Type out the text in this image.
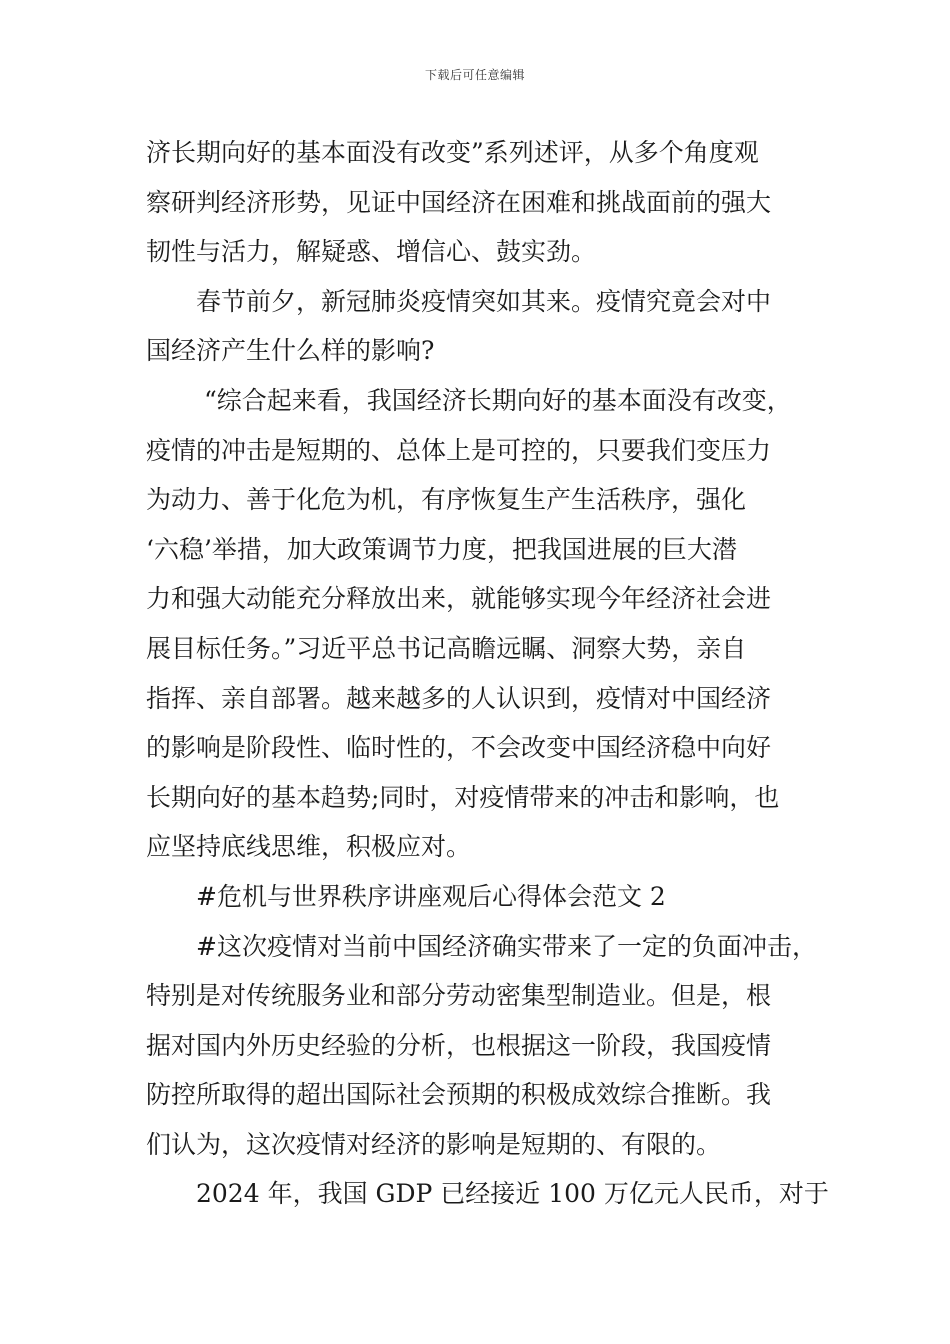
下载后可任意编辑
济长期向好的基本面没有改变”系列述评，从多个角度观
察研判经济形势，见证中国经济在困难和挑战面前的强大
韧性与活力，解疑惑、增信心、鼓实劲。
春节前夕，新冠肺炎疫情突如其来。疫情究竟会对中
国经济产生什么样的影响?
“综合起来看，我国经济长期向好的基本面没有改变，
疫情的冲击是短期的、总体上是可控的，只要我们变压力
为动力、善于化危为机，有序恢复生产生活秩序，强化
‘六稳’举措，加大政策调节力度，把我国进展的巨大潜
力和强大动能充分释放出来，就能够实现今年经济社会进
展目标任务。”习近平总书记高瞻远瞩、洞察大势，亲自
指挥、亲自部署。越来越多的人认识到，疫情对中国经济
的影响是阶段性、临时性的，不会改变中国经济稳中向好
长期向好的基本趋势;同时，对疫情带来的冲击和影响，也
应坚持底线思维，积极应对。
#危机与世界秩序讲座观后心得体会范文 2
#这次疫情对当前中国经济确实带来了一定的负面冲击，
特别是对传统服务业和部分劳动密集型制造业。但是，根
据对国内外历史经验的分析，也根据这一阶段，我国疫情
防控所取得的超出国际社会预期的积极成效综合推断。我
们认为，这次疫情对经济的影响是短期的、有限的。
2024 年，我国 GDP 已经接近 100 万亿元人民币，对于
